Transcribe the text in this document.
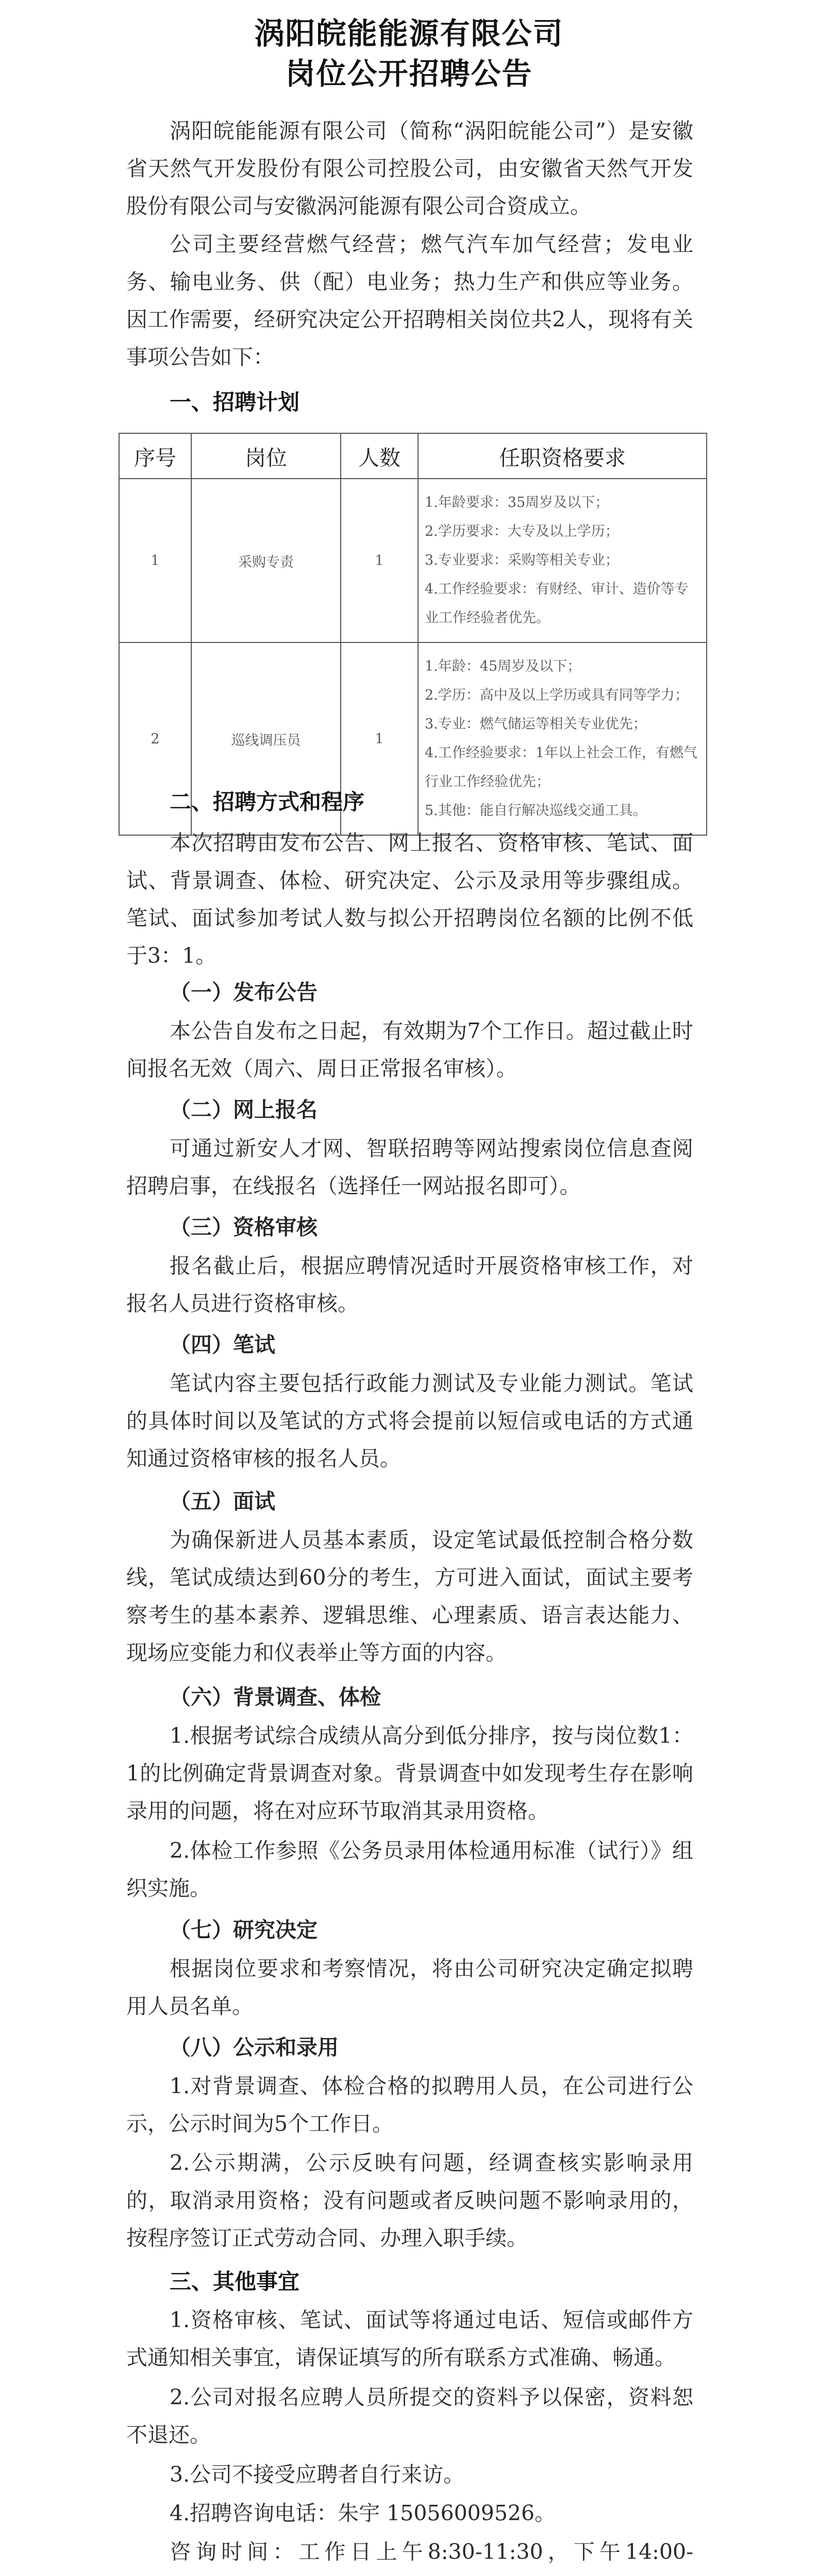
涡阳皖能能源有限公司
岗位公开招聘公告
涡阳皖能能源有限公司（简称“涡阳皖能公司”）是安徽省天然气开发股份有限公司控股公司，由安徽省天然气开发股份有限公司与安徽涡河能源有限公司合资成立。
公司主要经营燃气经营；燃气汽车加气经营；发电业务、输电业务、供（配）电业务；热力生产和供应等业务。因工作需要，经研究决定公开招聘相关岗位共2人，现将有关事项公告如下：
一、招聘计划
序号	岗位	人数	任职资格要求
1	采购专责	1	1.年龄要求：35周岁及以下；
2.学历要求：大专及以上学历；
3.专业要求：采购等相关专业；
4.工作经验要求：有财经、审计、造价等专业工作经验者优先。

2	巡线调压员	1	1.年龄：45周岁及以下；
2.学历：高中及以上学历或具有同等学力；
3.专业：燃气储运等相关专业优先；
4.工作经验要求：1年以上社会工作，有燃气行业工作经验优先；
5.其他：能自行解决巡线交通工具。
二、招聘方式和程序
本次招聘由发布公告、网上报名、资格审核、笔试、面试、背景调查、体检、研究决定、公示及录用等步骤组成。笔试、面试参加考试人数与拟公开招聘岗位名额的比例不低于3：1。
（一）发布公告
本公告自发布之日起，有效期为7个工作日。超过截止时间报名无效（周六、周日正常报名审核）。
（二）网上报名
可通过新安人才网、智联招聘等网站搜索岗位信息查阅招聘启事，在线报名（选择任一网站报名即可）。
（三）资格审核
报名截止后，根据应聘情况适时开展资格审核工作，对报名人员进行资格审核。
（四）笔试
笔试内容主要包括行政能力测试及专业能力测试。笔试的具体时间以及笔试的方式将会提前以短信或电话的方式通知通过资格审核的报名人员。
（五）面试
为确保新进人员基本素质，设定笔试最低控制合格分数线，笔试成绩达到60分的考生，方可进入面试，面试主要考察考生的基本素养、逻辑思维、心理素质、语言表达能力、现场应变能力和仪表举止等方面的内容。
（六）背景调查、体检
1.根据考试综合成绩从高分到低分排序，按与岗位数1：1的比例确定背景调查对象。背景调查中如发现考生存在影响录用的问题，将在对应环节取消其录用资格。
2.体检工作参照《公务员录用体检通用标准（试行）》组织实施。
（七）研究决定
根据岗位要求和考察情况，将由公司研究决定确定拟聘用人员名单。
（八）公示和录用
1.对背景调查、体检合格的拟聘用人员，在公司进行公示，公示时间为5个工作日。
2.公示期满，公示反映有问题，经调查核实影响录用的，取消录用资格；没有问题或者反映问题不影响录用的，按程序签订正式劳动合同、办理入职手续。
三、其他事宜
1.资格审核、笔试、面试等将通过电话、短信或邮件方式通知相关事宜，请保证填写的所有联系方式准确、畅通。
2.公司对报名应聘人员所提交的资料予以保密，资料恕不退还。
3.公司不接受应聘者自行来访。
4.招聘咨询电话：朱宇 15056009526。
咨询时间：工作日上午8:30-11:30，下午14:00-
